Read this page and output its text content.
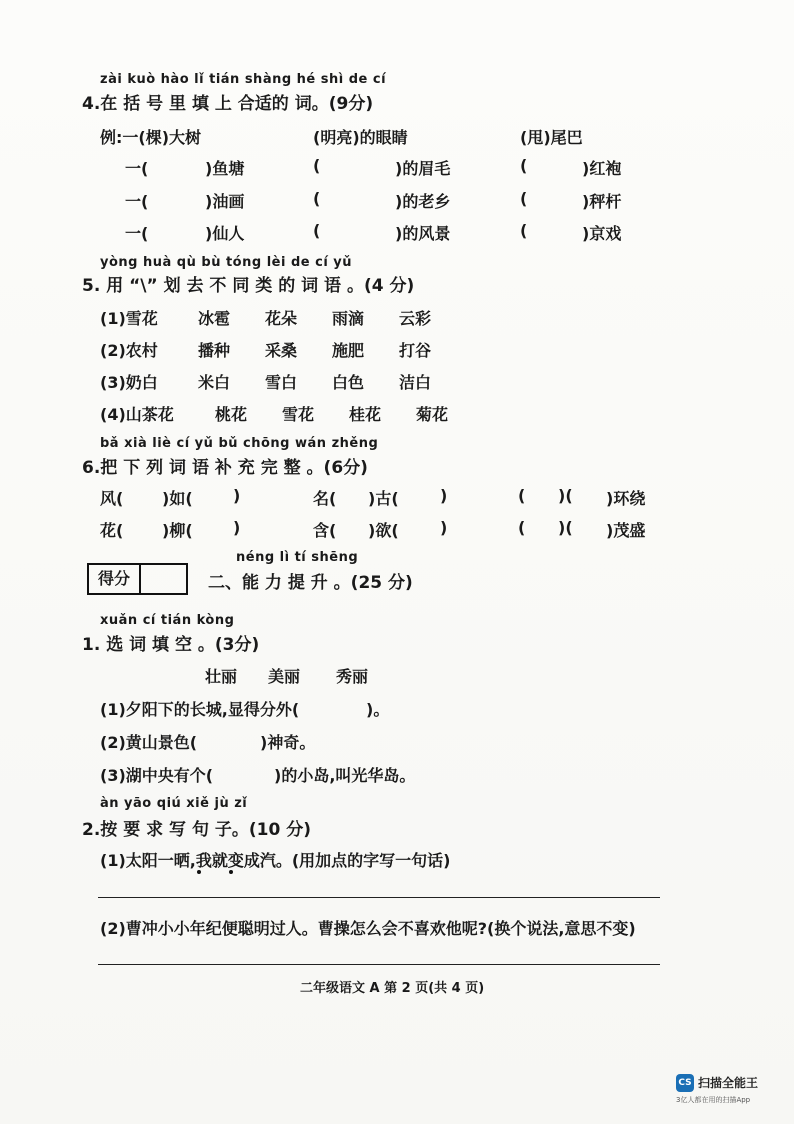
zài kuò hào lǐ tián shàng hé shì de cí
4.在 括 号 里 填 上 合适的 词。(9分)
例:一(棵)大树	(明亮)的眼睛	(甩)尾巴
一(	)鱼塘	(	)的眉毛	(	)红袍
一(	)油画	(	)的老乡	(	)秤杆
一(	)仙人	(	)的风景	(	)京戏
yòng huà qù bù tóng lèi de cí yǔ
5. 用 “\” 划 去 不 同 类 的 词 语 。(4 分)
(1)雪花	冰雹 花朵 雨滴 云彩
(2)农村	播种 采桑 施肥 打谷
(3)奶白	米白 雪白 白色 洁白
(4)山茶花	桃花 雪花 桂花 菊花
bǎ xià liè cí yǔ bǔ chōng wán zhěng
6.把 下 列 词 语 补 充 完 整 。(6分)
风( )如(	)	名( )古(	)	( )( )环绕
花( )柳(	)	含( )欲(	)	( )( )茂盛
得分
néng lì tí shēng
二、能 力 提 升 。(25 分)
xuǎn cí tián kòng
1. 选 词 填 空 。(3分)
壮丽 美丽 秀丽
(1)夕阳下的长城,显得分外(	)。
(2)黄山景色(	)神奇。
(3)湖中央有个(	)的小岛,叫光华岛。
àn yāo qiú xiě jù zǐ
2.按 要 求 写 句 子。(10 分)
(1)太阳一晒,我就变成汽。(用加点的字写一句话)
(2)曹冲小小年纪便聪明过人。曹操怎么会不喜欢他呢?(换个说法,意思不变)
二年级语文 A 第 2 页(共 4 页)
CS 扫描全能王
3亿人都在用的扫描App
